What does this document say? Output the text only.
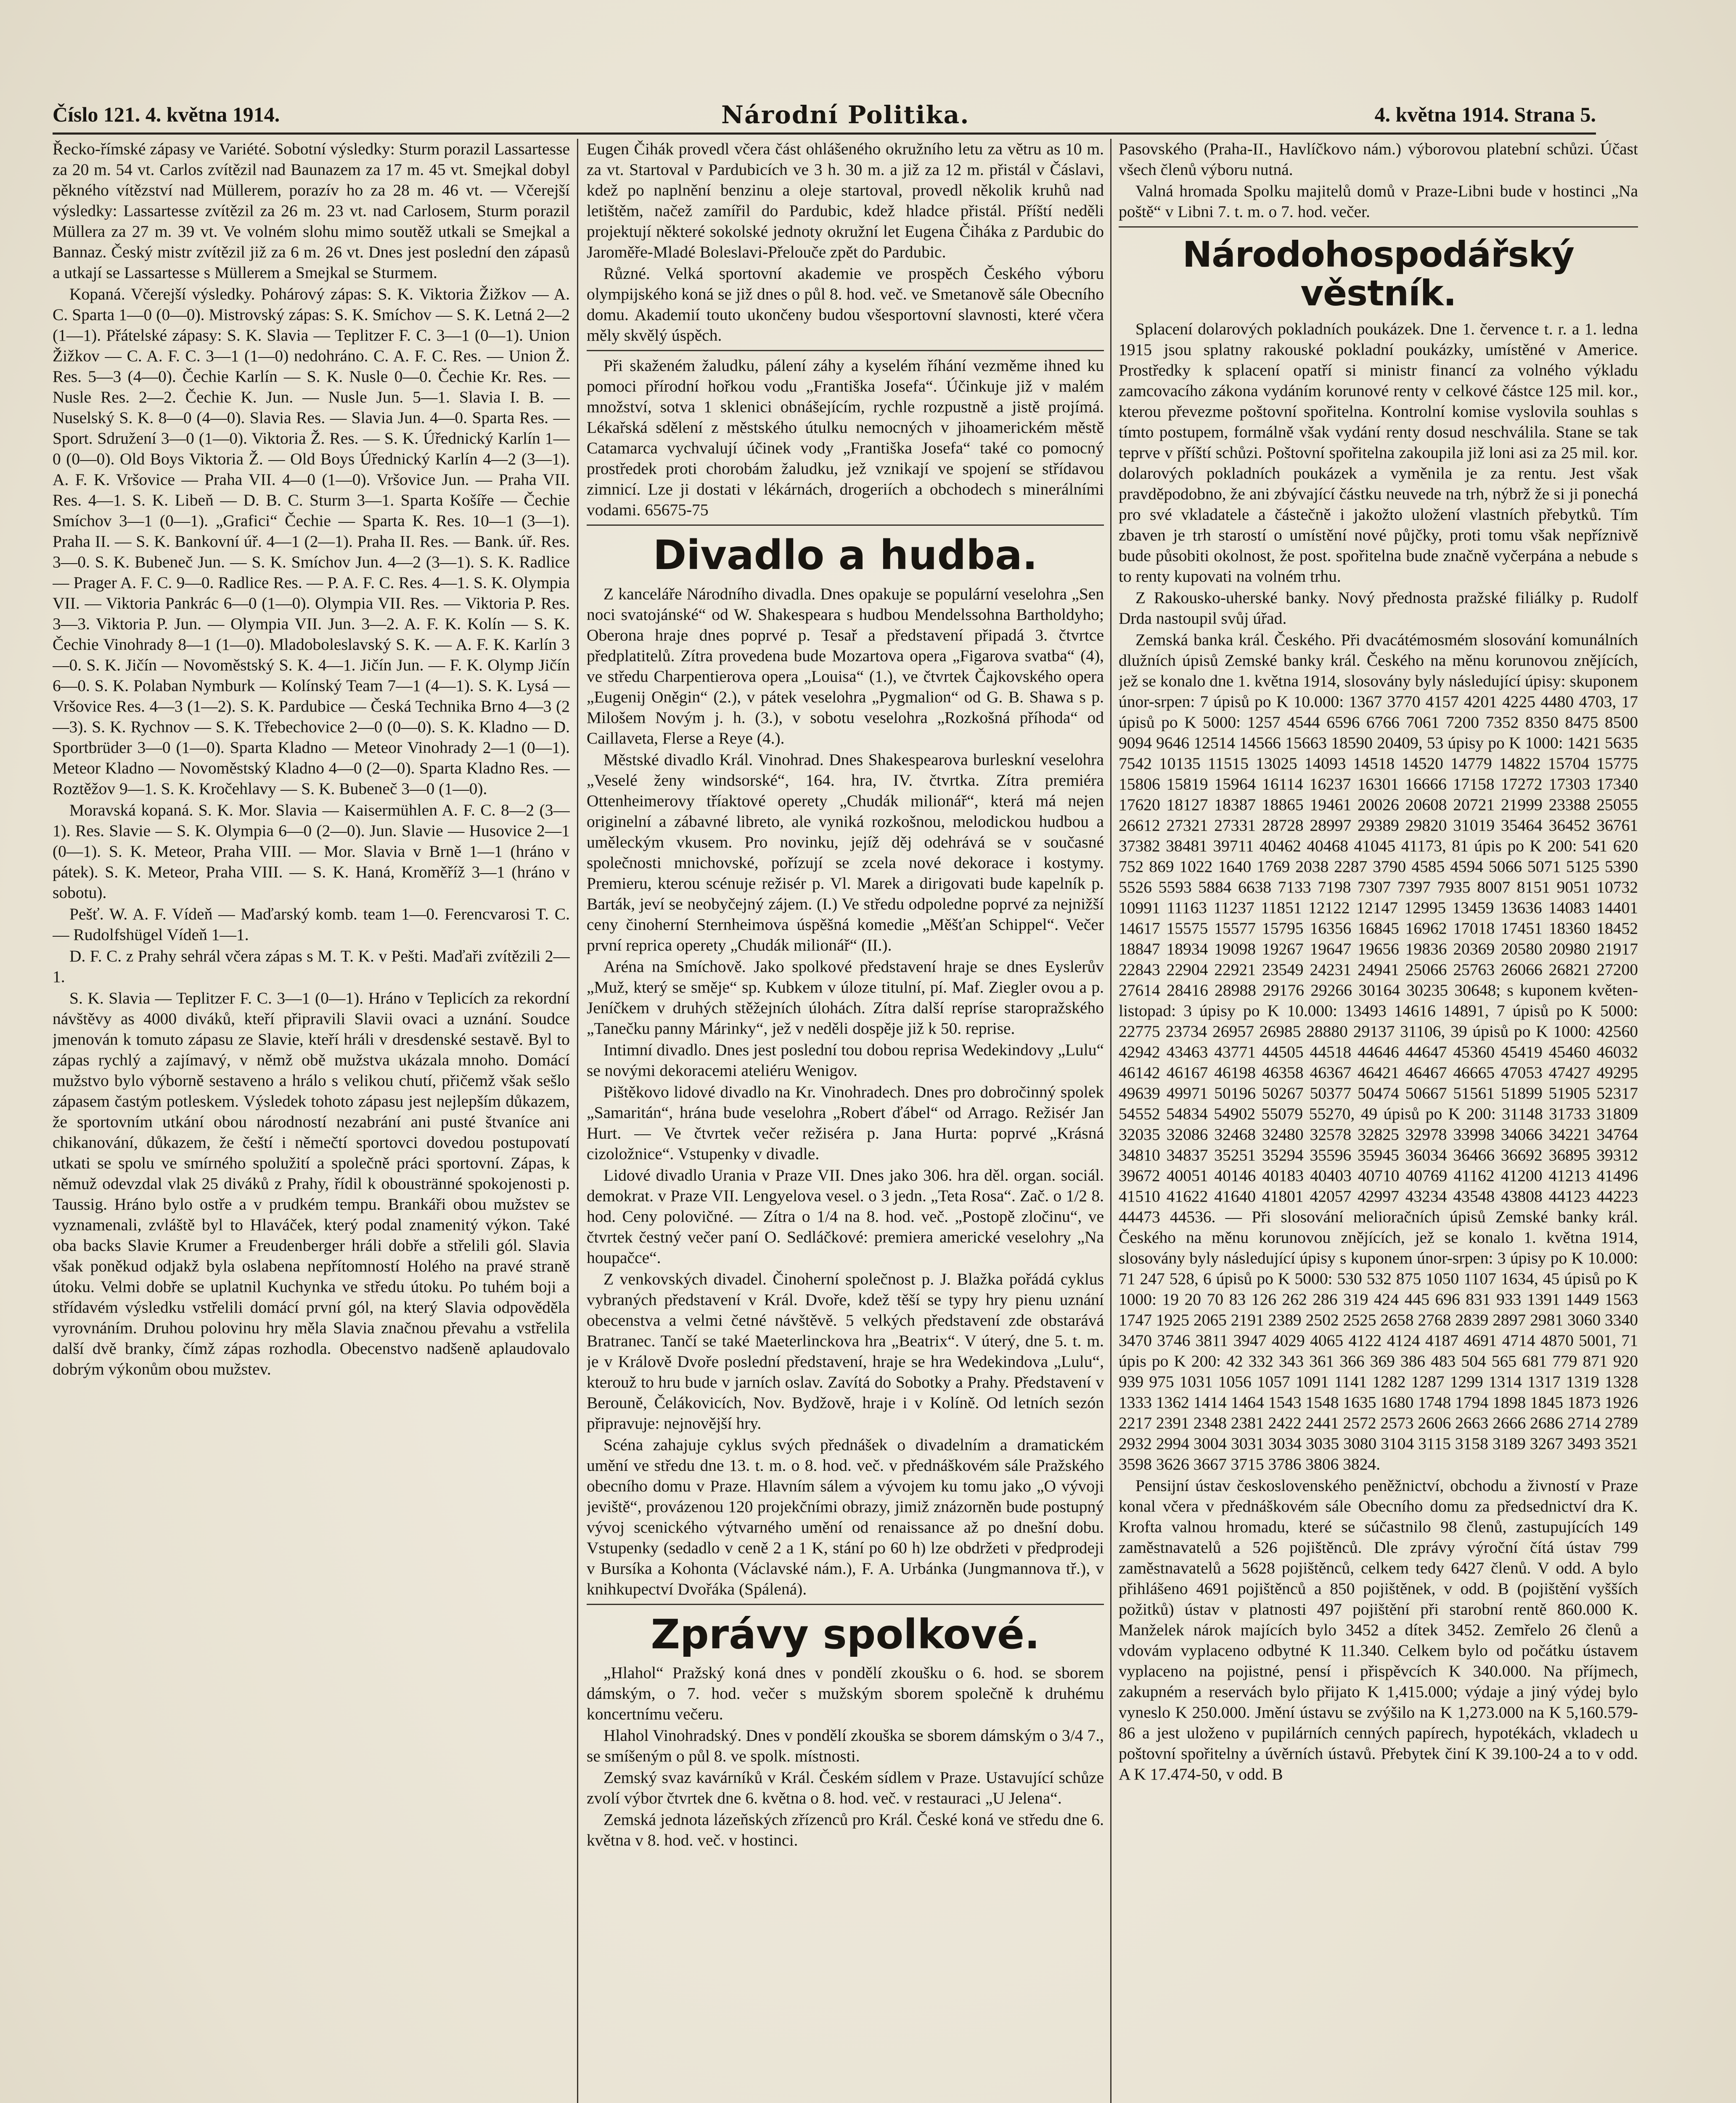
Číslo 121. 4. května 1914.	Národní Politika.	4. května 1914. Strana 5.

Řecko-římské zápasy ve Variété. Sobotní výsledky: Sturm porazil Lassartesse za 20 m. 54 vt. Carlos zvítězil nad Baunazem za 17 m. 45 vt. Smejkal dobyl pěkného vítězství nad Müllerem, porazív ho za 28 m. 46 vt. — Včerejší výsledky: Lassartesse zvítězil za 26 m. 23 vt. nad Carlosem, Sturm porazil Müllera za 27 m. 39 vt. Ve volném slohu mimo soutěž utkali se Smejkal a Bannaz. Český mistr zvítězil již za 6 m. 26 vt. Dnes jest poslední den zápasů a utkají se Lassartesse s Müllerem a Smejkal se Sturmem.

Kopaná. Včerejší výsledky. Pohárový zápas: S. K. Viktoria Žižkov — A. C. Sparta 1—0 (0—0). Mistrovský zápas: S. K. Smíchov — S. K. Letná 2—2 (1—1). Přátelské zápasy: S. K. Slavia — Teplitzer F. C. 3—1 (0—1). Union Žižkov — C. A. F. C. 3—1 (1—0) nedohráno. C. A. F. C. Res. — Union Ž. Res. 5—3 (4—0). Čechie Karlín — S. K. Nusle 0—0. Čechie Kr. Res. — Nusle Res. 2—2. Čechie K. Jun. — Nusle Jun. 5—1. Slavia I. B. — Nuselský S. K. 8—0 (4—0). Slavia Res. — Slavia Jun. 4—0. Sparta Res. — Sport. Sdružení 3—0 (1—0). Viktoria Ž. Res. — S. K. Úřednický Karlín 1—0 (0—0). Old Boys Viktoria Ž. — Old Boys Úřednický Karlín 4—2 (3—1). A. F. K. Vršovice — Praha VII. 4—0 (1—0). Vršovice Jun. — Praha VII. Res. 4—1. S. K. Libeň — D. B. C. Sturm 3—1. Sparta Košíře — Čechie Smíchov 3—1 (0—1). „Grafici“ Čechie — Sparta K. Res. 10—1 (3—1). Praha II. — S. K. Bankovní úř. 4—1 (2—1). Praha II. Res. — Bank. úř. Res. 3—0. S. K. Bubeneč Jun. — S. K. Smíchov Jun. 4—2 (3—1). S. K. Radlice — Prager A. F. C. 9—0. Radlice Res. — P. A. F. C. Res. 4—1. S. K. Olympia VII. — Viktoria Pankrác 6—0 (1—0). Olympia VII. Res. — Viktoria P. Res. 3—3. Viktoria P. Jun. — Olympia VII. Jun. 3—2. A. F. K. Kolín — S. K. Čechie Vinohrady 8—1 (1—0). Mladoboleslavský S. K. — A. F. K. Karlín 3—0. S. K. Jičín — Novoměstský S. K. 4—1. Jičín Jun. — F. K. Olymp Jičín 6—0. S. K. Polaban Nymburk — Kolínský Team 7—1 (4—1). S. K. Lysá — Vršovice Res. 4—3 (1—2). S. K. Pardubice — Česká Technika Brno 4—3 (2—3). S. K. Rychnov — S. K. Třebechovice 2—0 (0—0). S. K. Kladno — D. Sportbrüder 3—0 (1—0). Sparta Kladno — Meteor Vinohrady 2—1 (0—1). Meteor Kladno — Novoměstský Kladno 4—0 (2—0). Sparta Kladno Res. — Roztěžov 9—1. S. K. Kročehlavy — S. K. Bubeneč 3—0 (1—0).

Moravská kopaná. S. K. Mor. Slavia — Kaisermühlen A. F. C. 8—2 (3—1). Res. Slavie — S. K. Olympia 6—0 (2—0). Jun. Slavie — Husovice 2—1 (0—1). S. K. Meteor, Praha VIII. — Mor. Slavia v Brně 1—1 (hráno v pátek). S. K. Meteor, Praha VIII. — S. K. Haná, Kroměříž 3—1 (hráno v sobotu).

Pešť. W. A. F. Vídeň — Maďarský komb. team 1—0. Ferencvarosi T. C. — Rudolfshügel Vídeň 1—1.

D. F. C. z Prahy sehrál včera zápas s M. T. K. v Pešti. Maďaři zvítězili 2—1.

S. K. Slavia — Teplitzer F. C. 3—1 (0—1). Hráno v Teplicích za rekordní návštěvy as 4000 diváků, kteří připravili Slavii ovaci a uznání. Soudce jmenován k tomuto zápasu ze Slavie, kteří hráli v dresdenské sestavě. Byl to zápas rychlý a zajímavý, v němž obě mužstva ukázala mnoho. Domácí mužstvo bylo výborně sestaveno a hrálo s velikou chutí, přičemž však sešlo zápasem častým potleskem. Výsledek tohoto zápasu jest nejlepším důkazem, že sportovním utkání obou národností nezabrání ani pusté štvaníce ani chikanování, důkazem, že čeští i němečtí sportovci dovedou postupovatí utkati se spolu ve smírného spolužití a společně práci sportovní. Zápas, k němuž odevzdal vlak 25 diváků z Prahy, řídil k oboustränné spokojenosti p. Taussig. Hráno bylo ostře a v prudkém tempu. Brankáři obou mužstev se vyznamenali, zvláště byl to Hlaváček, který podal znamenitý výkon. Také oba backs Slavie Krumer a Freudenberger hráli dobře a střelili gól. Slavia však poněkud odjakž byla oslabena nepřítomností Holého na pravé straně útoku. Velmi dobře se uplatnil Kuchynka ve středu útoku. Po tuhém boji a střídavém výsledku vstřelili domácí první gól, na který Slavia odpověděla vyrovnáním. Druhou polovinu hry měla Slavia značnou převahu a vstřelila další dvě branky, čímž zápas rozhodla. Obecenstvo nadšeně aplaudovalo dobrým výkonům obou mužstev.

Eugen Čihák provedl včera část ohlášeného okružního letu za větru as 10 m. za vt. Startoval v Pardubicích ve 3 h. 30 m. a již za 12 m. přistál v Čáslavi, kdež po naplnění benzinu a oleje startoval, provedl několik kruhů nad letištěm, načež zamířil do Pardubic, kdež hladce přistál. Příští neděli projektují některé sokolské jednoty okružní let Eugena Čiháka z Pardubic do Jaroměře-Mladé Boleslavi-Přelouče zpět do Pardubic.

Různé. Velká sportovní akademie ve prospěch Českého výboru olympijského koná se již dnes o půl 8. hod. več. ve Smetanově sále Obecního domu. Akademií touto ukončeny budou všesportovní slavnosti, které včera měly skvělý úspěch.

Při skaženém žaludku, pálení záhy a kyselém říhání vezměme ihned ku pomoci přírodní hořkou vodu „Františka Josefa“. Účinkuje již v malém množství, sotva 1 sklenici obnášejícím, rychle rozpustně a jistě projímá. Lékařská sdělení z městského útulku nemocných v jihoamerickém městě Catamarca vychvalují účinek vody „Františka Josefa“ také co pomocný prostředek proti chorobám žaludku, jež vznikají ve spojení se střídavou zimnicí. Lze ji dostati v lékárnách, drogeriích a obchodech s minerálními vodami. 65675-75

Divadlo a hudba.

Z kanceláře Národního divadla. Dnes opakuje se populární veselohra „Sen noci svatojánské“ od W. Shakespeara s hudbou Mendelssohna Bartholdyho; Oberona hraje dnes poprvé p. Tesař a představení připadá 3. čtvrtce předplatitelů. Zítra provedena bude Mozartova opera „Figarova svatba“ (4), ve středu Charpentierova opera „Louisa“ (1.), ve čtvrtek Čajkovského opera „Eugenij Oněgin“ (2.), v pátek veselohra „Pygmalion“ od G. B. Shawa s p. Milošem Novým j. h. (3.), v sobotu veselohra „Rozkošná příhoda“ od Caillaveta, Flerse a Reye (4.).

Městské divadlo Král. Vinohrad. Dnes Shakespearova burleskní veselohra „Veselé ženy windsorské“, 164. hra, IV. čtvrtka. Zítra premiéra Ottenheimerovy tříaktové operety „Chudák milionář“, která má nejen originelní a zábavné libreto, ale vyniká rozkošnou, melodickou hudbou a uměleckým vkusem. Pro novinku, jejíž děj odehrává se v současné společnosti mnichovské, pořízují se zcela nové dekorace i kostymy. Premieru, kterou scénuje režisér p. Vl. Marek a dirigovati bude kapelník p. Barták, jeví se neobyčejný zájem. (I.) Ve středu odpoledne poprvé za nejnižší ceny činoherní Sternheimova úspěšná komedie „Měšťan Schippel“. Večer první repriса operety „Chudák milionář“ (II.).

Aréna na Smíchově. Jako spolkové představení hraje se dnes Eyslerův „Muž, který se směje“ sp. Kubkem v úloze titulní, pí. Maf. Ziegler ovou a p. Jeníčkem v druhých stěžejních úlohách. Zítra další repríse staropražského „Tanečku panny Márinky“, jež v neděli dospěje již k 50. reprise.

Intimní divadlo. Dnes jest poslední tou dobou reprisa Wedekindovy „Lulu“ se novými dekoracemi ateliéru Wenigov.

Pištěkovo lidové divadlo na Kr. Vinohradech. Dnes pro dobročinný spolek „Samaritán“, hrána bude veselohra „Robert ďábel“ od Arrago. Režisér Jan Hurt. — Ve čtvrtek večer režisérа p. Jana Hurta: poprvé „Krásná cizoložnice“. Vstupenky v divadle.

Lidové divadlo Urania v Praze VII. Dnes jako 306. hra děl. organ. sociál. demokrat. v Praze VII. Lengyelova vesel. o 3 jedn. „Teta Rosa“. Zač. o 1/2 8. hod. Ceny polovičné. — Zítra o 1/4 na 8. hod. več. „Postopě zločinu“, ve čtvrtek čestný večer paní O. Sedláčkové: premiera americké veselohry „Na houpačce“.

Z venkovských divadel. Činoherní společnost p. J. Blažka pořádá cyklus vybraných představení v Král. Dvoře, kdež těší se typy hry pienu uznání obecenstva a velmi četné návštěvě. 5 velkých představení zde obstarává Bratranec. Tančí se také Maeterlinckova hra „Beatrix“. V úterý, dne 5. t. m. je v Králově Dvoře poslední představení, hraje se hra Wedekindova „Lulu“, kterouž to hru bude v jarních oslav. Zavítá do Sobotky a Prahy. Představení v Berouně, Čelákovicích, Nov. Bydžově, hraje i v Kolíně. Od letních sezón připravuje: nejnovější hry.

Scéna zahajuje cyklus svých přednášek o divadelním a dramatickém umění ve středu dne 13. t. m. o 8. hod. več. v přednáškovém sále Pražského obecního domu v Praze. Hlavním sálem a vývojem ku tomu jako „O vývoji jeviště“, provázenou 120 projekčními obrazy, jimiž znázorněn bude postupný vývoj scenického výtvarného umění od renaissance až po dnešní dobu. Vstupenky (sedadlo v ceně 2 a 1 K, stání po 60 h) lze obdržeti v předprodeji v Bursíka a Kohonta (Václavské nám.), F. A. Urbánka (Jungmannova tř.), v knihkupectví Dvořáka (Spálená).

Zprávy spolkové.

„Hlahol“ Pražský koná dnes v pondělí zkoušku o 6. hod. se sborem dámským, o 7. hod. večer s mužským sborem společně k druhému koncertnímu večeru.

Hlahol Vinohradský. Dnes v pondělí zkouška se sborem dámským o 3/4 7., se smíšeným o půl 8. ve spolk. místnosti.

Zemský svaz kavárníků v Král. Českém sídlem v Praze. Ustavující schůze zvolí výbor čtvrtek dne 6. května o 8. hod. več. v restauraci „U Jelena“.

Zemská jednota lázeňských zřízenců pro Král. České koná ve středu dne 6. května v 8. hod. več. v hostinci.

Pasovského (Praha-II., Havlíčkovo nám.) výborovou platební schůzi. Účast všech členů výboru nutná.

Valná hromada Spolku majitelů domů v Praze-Libni bude v hostinci „Na poště“ v Libni 7. t. m. o 7. hod. večer.

Národohospodářský věstník.

Splacení dolarových pokladních poukázek. Dne 1. července t. r. a 1. ledna 1915 jsou splatny rakouské pokladní poukázky, umístěné v Americe. Prostředky k splacení opatří si ministr financí za volného výkladu zamcovacího zákona vydáním korunové renty v celkové částce 125 mil. kor., kterou převezme poštovní spořitelna. Kontrolní komise vyslovila souhlas s tímto postupem, formálně však vydání renty dosud neschválila. Stane se tak teprve v příští schůzi. Poštovní spořitelna zakoupila již loni asi za 25 mil. kor. dolarových pokladních poukázek a vyměnila je za rentu. Jest však pravděpodobno, že ani zbývající částku neuvede na trh, nýbrž že si ji ponechá pro své vkladatele a částečně i jakožto uložení vlastních přebytků. Tím zbaven je trh starostí o umístění nové půjčky, proti tomu však nepříznivě bude působiti okolnost, že post. spořitelna bude značně vyčerpána a nebude s to renty kupovati na volném trhu.

Z Rakousko-uherské banky. Nový přednosta pražské filiálky p. Rudolf Drda nastoupil svůj úřad.

Zemská banka král. Českého. Při dvacátémosmém slosování komunálních dlužních úpisů Zemské banky král. Českého na měnu korunovou znějících, jež se konalo dne 1. května 1914, slosovány byly následující úpisy: skuponem únor-srpen: 7 úpisů po K 10.000: 1367 3770 4157 4201 4225 4480 4703, 17 úpisů po K 5000: 1257 4544 6596 6766 7061 7200 7352 8350 8475 8500 9094 9646 12514 14566 15663 18590 20409, 53 úpisy po K 1000: 1421 5635 7542 10135 11515 13025 14093 14518 14520 14779 14822 15704 15775 15806 15819 15964 16114 16237 16301 16666 17158 17272 17303 17340 17620 18127 18387 18865 19461 20026 20608 20721 21999 23388 25055 26612 27321 27331 28728 28997 29389 29820 31019 35464 36452 36761 37382 38481 39711 40462 40468 41045 41173, 81 úpis po K 200: 541 620 752 869 1022 1640 1769 2038 2287 3790 4585 4594 5066 5071 5125 5390 5526 5593 5884 6638 7133 7198 7307 7397 7935 8007 8151 9051 10732 10991 11163 11237 11851 12122 12147 12995 13459 13636 14083 14401 14617 15575 15577 15795 16356 16845 16962 17018 17451 18360 18452 18847 18934 19098 19267 19647 19656 19836 20369 20580 20980 21917 22843 22904 22921 23549 24231 24941 25066 25763 26066 26821 27200 27614 28416 28988 29176 29266 30164 30235 30648; s kuponem květen-listopad: 3 úpisy po K 10.000: 13493 14616 14891, 7 úpisů po K 5000: 22775 23734 26957 26985 28880 29137 31106, 39 úpisů po K 1000: 42560 42942 43463 43771 44505 44518 44646 44647 45360 45419 45460 46032 46142 46167 46198 46358 46367 46421 46467 46665 47053 47427 49295 49639 49971 50196 50267 50377 50474 50667 51561 51899 51905 52317 54552 54834 54902 55079 55270, 49 úpisů po K 200: 31148 31733 31809 32035 32086 32468 32480 32578 32825 32978 33998 34066 34221 34764 34810 34837 35251 35294 35596 35945 36034 36466 36692 36895 39312 39672 40051 40146 40183 40403 40710 40769 41162 41200 41213 41496 41510 41622 41640 41801 42057 42997 43234 43548 43808 44123 44223 44473 44536. — Při slosování melioračních úpisů Zemské banky král. Českého na měnu korunovou znějících, jež se konalo 1. května 1914, slosovány byly následující úpisy s kuponem únor-srpen: 3 úpisy po K 10.000: 71 247 528, 6 úpisů po K 5000: 530 532 875 1050 1107 1634, 45 úpisů po K 1000: 19 20 70 83 126 262 286 319 424 445 696 831 933 1391 1449 1563 1747 1925 2065 2191 2389 2502 2525 2658 2768 2839 2897 2981 3060 3340 3470 3746 3811 3947 4029 4065 4122 4124 4187 4691 4714 4870 5001, 71 úpis po K 200: 42 332 343 361 366 369 386 483 504 565 681 779 871 920 939 975 1031 1056 1057 1091 1141 1282 1287 1299 1314 1317 1319 1328 1333 1362 1414 1464 1543 1548 1635 1680 1748 1794 1898 1845 1873 1926 2217 2391 2348 2381 2422 2441 2572 2573 2606 2663 2666 2686 2714 2789 2932 2994 3004 3031 3034 3035 3080 3104 3115 3158 3189 3267 3493 3521 3598 3626 3667 3715 3786 3806 3824.

Pensijní ústav československého peněžnictví, obchodu a živností v Praze konal včera v přednáškovém sále Obecního domu za předsednictví dra K. Krofta valnou hromadu, které se súčastnilo 98 členů, zastupujících 149 zaměstnavatelů a 526 pojištěnců. Dle zprávy výroční čítá ústav 799 zaměstnavatelů a 5628 pojištěnců, celkem tedy 6427 členů. V odd. A bylo přihlášeno 4691 pojištěnců a 850 pojištěnek, v odd. B (pojištění vyšších požitků) ústav v platnosti 497 pojištění při starobní rentě 860.000 K. Manželek nárok majících bylo 3452 a dítek 3452. Zemřelo 26 členů a vdovám vyplaceno odbytné K 11.340. Celkem bylo od počátku ústavem vyplaceno na pojistné, pensí i přispěvcích K 340.000. Na příjmech, zakupném a reservách bylo přijato K 1,415.000; výdaje a jiný výdej bylo vyneslo K 250.000. Jmění ústavu se zvýšilo na K 1,273.000 na K 5,160.579-86 a jest uloženo v pupilárních cenných papírech, hypotékách, vkladech u poštovní spořitelny a úvěrních ústavů. Přebytek činí K 39.100-24 a to v odd. A K 17.474-50, v odd. B
